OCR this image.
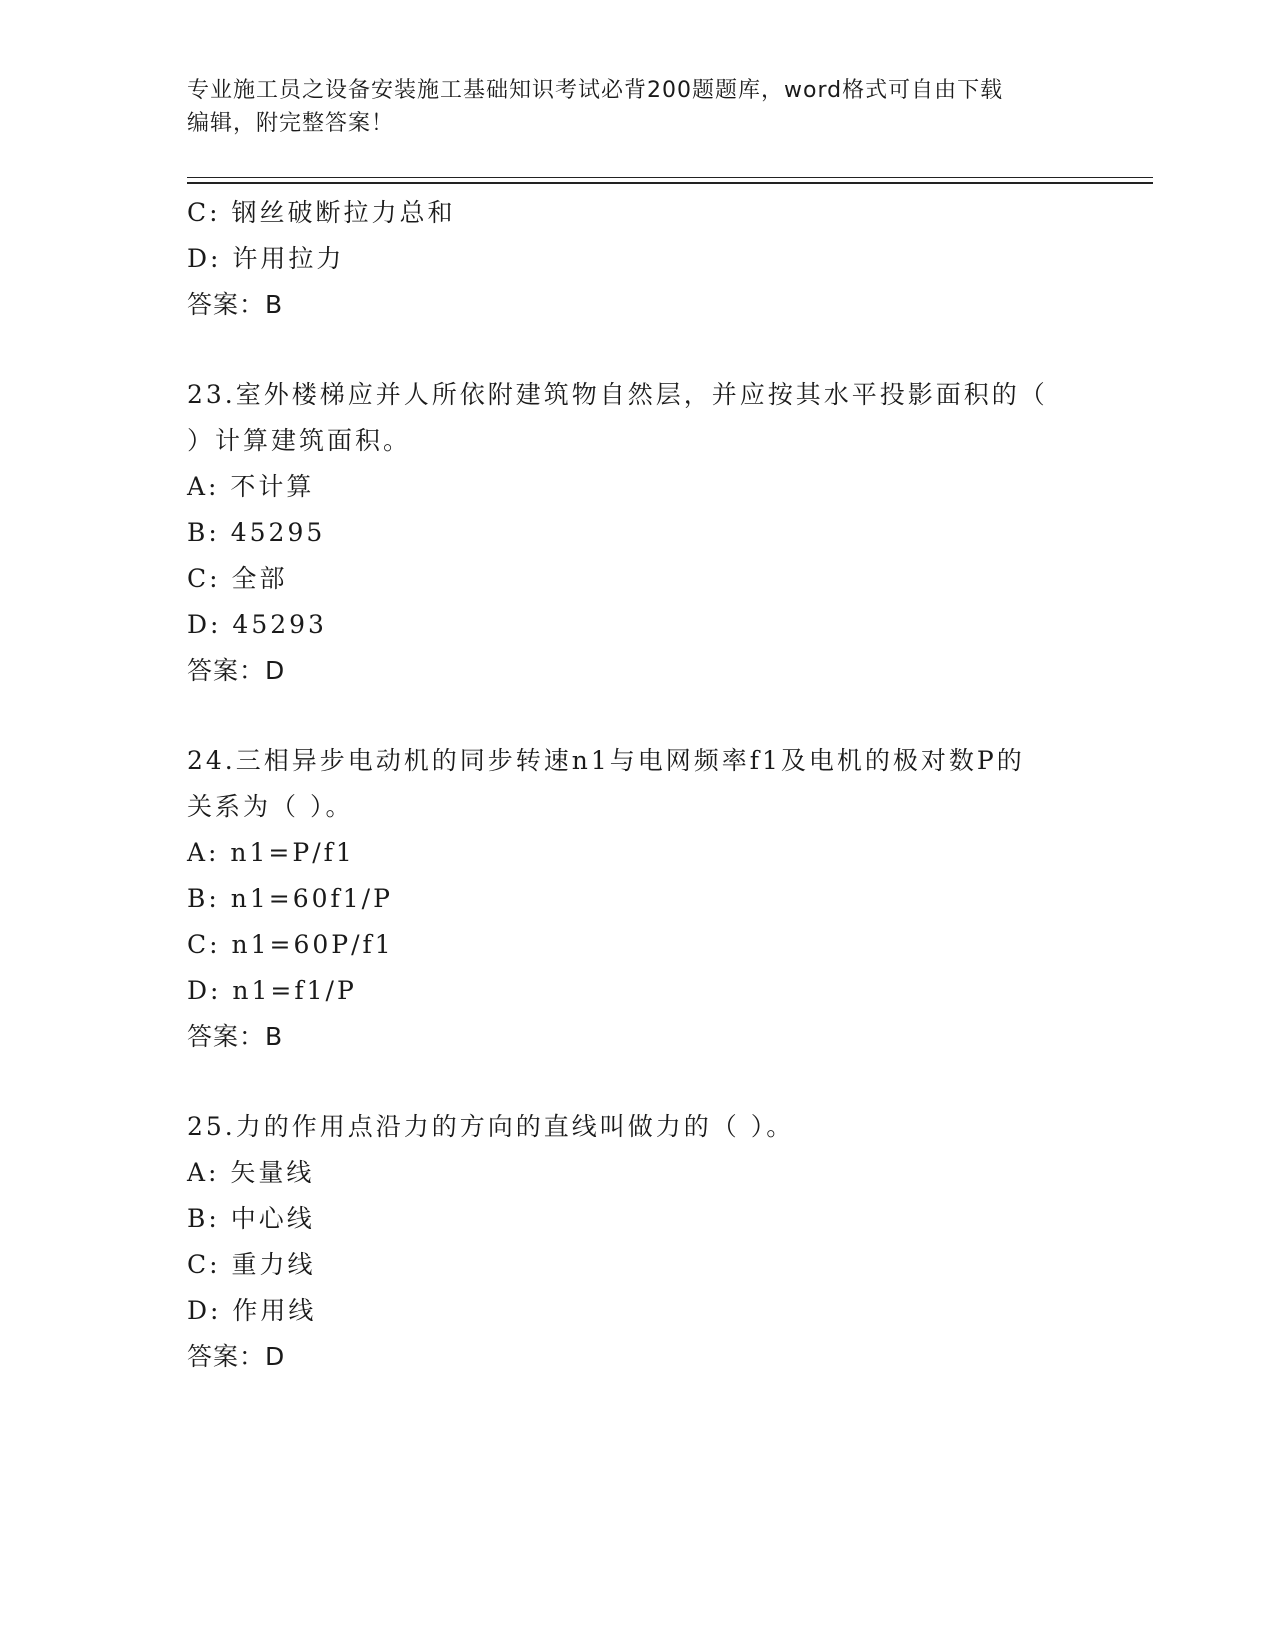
专业施工员之设备安装施工基础知识考试必背200题题库，word格式可自由下载
编辑，附完整答案！
C: 钢丝破断拉力总和
D: 许用拉力
答案：B
23.室外楼梯应并人所依附建筑物自然层，并应按其水平投影面积的（
）计算建筑面积。
A: 不计算
B: 45295
C: 全部
D: 45293
答案：D
24.三相异步电动机的同步转速n1与电网频率f1及电机的极对数P的
关系为（ ）。
A: n1=P/f1
B: n1=60f1/P
C: n1=60P/f1
D: n1=f1/P
答案：B
25.力的作用点沿力的方向的直线叫做力的（ ）。
A: 矢量线
B: 中心线
C: 重力线
D: 作用线
答案：D
